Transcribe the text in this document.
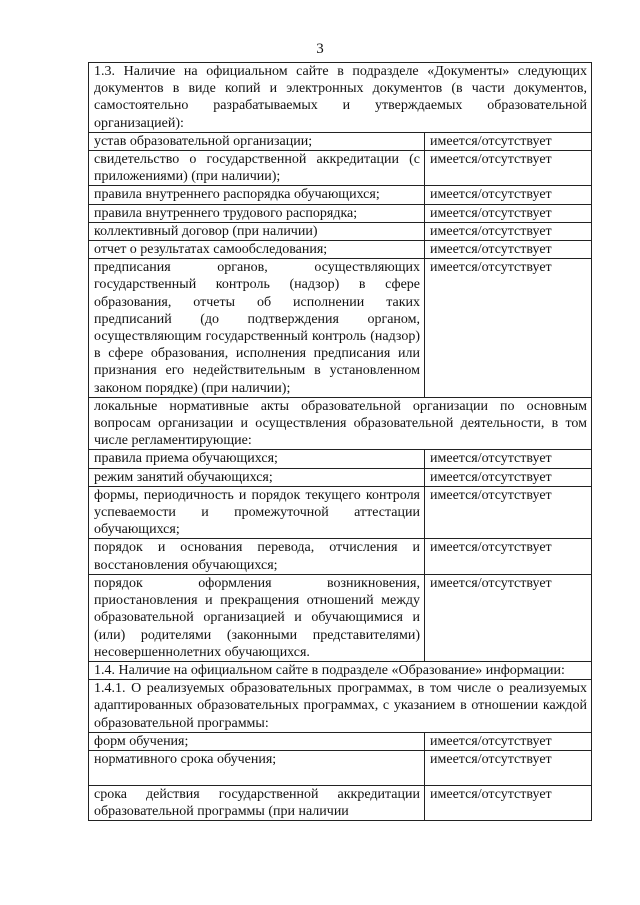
3
1.3. Наличие на официальном сайте в подразделе «Документы» следующих документов в виде копий и электронных документов (в части документов, самостоятельно разрабатываемых и утверждаемых образовательной организацией):	
устав образовательной организации;	имеется/отсутствует
свидетельство о государственной аккредитации (с приложениями) (при наличии);	имеется/отсутствует
правила внутреннего распорядка обучающихся;	имеется/отсутствует
правила внутреннего трудового распорядка;	имеется/отсутствует
коллективный договор (при наличии)	имеется/отсутствует
отчет о результатах самообследования;	имеется/отсутствует
предписания органов, осуществляющих государственный контроль (надзор) в сфере образования, отчеты об исполнении таких предписаний (до подтверждения органом, осуществляющим государственный контроль (надзор) в сфере образования, исполнения предписания или признания его недействительным в установленном законом порядке) (при наличии);	имеется/отсутствует
локальные нормативные акты образовательной организации по основным вопросам организации и осуществления образовательной деятельности, в том числе регламентирующие:	
правила приема обучающихся;	имеется/отсутствует
режим занятий обучающихся;	имеется/отсутствует
формы, периодичность и порядок текущего контроля успеваемости и промежуточной аттестации обучающихся;	имеется/отсутствует
порядок и основания перевода, отчисления и восстановления обучающихся;	имеется/отсутствует
порядок оформления возникновения, приостановления и прекращения отношений между образовательной организацией и обучающимися и (или) родителями (законными представителями) несовершеннолетних обучающихся.	имеется/отсутствует
1.4. Наличие на официальном сайте в подразделе «Образование» информации:	
1.4.1. О реализуемых образовательных программах, в том числе о реализуемых адаптированных образовательных программах, с указанием в отношении каждой образовательной программы:	
форм обучения;	имеется/отсутствует
нормативного срока обучения;	имеется/отсутствует
срока действия государственной аккредитации образовательной программы (при наличии	имеется/отсутствует
